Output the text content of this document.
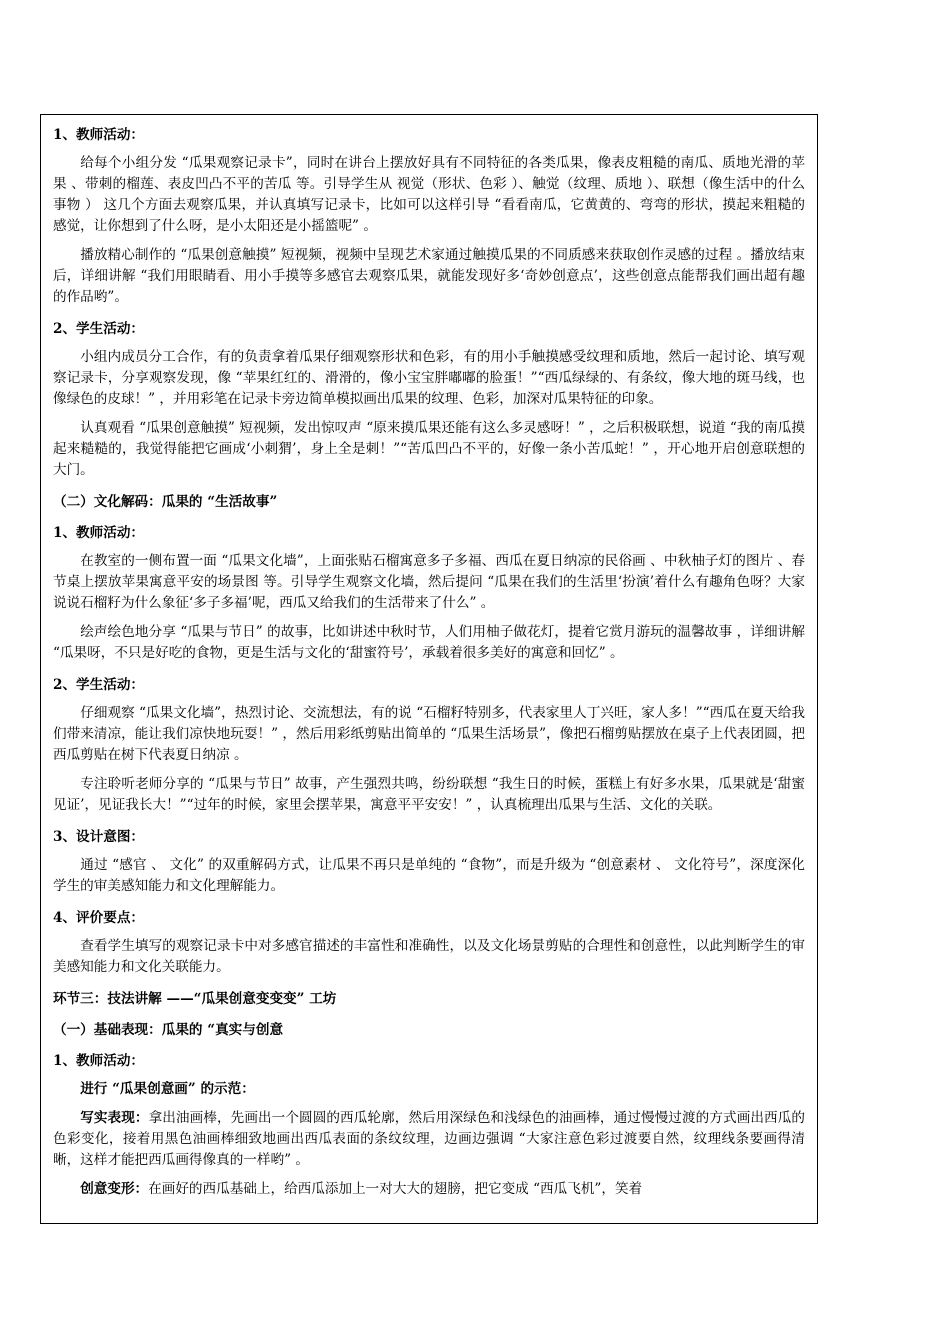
1、教师活动：

给每个小组分发 “瓜果观察记录卡”，同时在讲台上摆放好具有不同特征的各类瓜果，像表皮粗糙的南瓜、质地光滑的苹果 、带刺的榴莲、表皮凹凸不平的苦瓜 等。引导学生从 视觉（形状、色彩 ）、触觉（纹理、质地 ）、联想（像生活中的什么事物 ） 这几个方面去观察瓜果，并认真填写记录卡，比如可以这样引导 “看看南瓜，它黄黄的、弯弯的形状，摸起来粗糙的感觉，让你想到了什么呀，是小太阳还是小摇篮呢” 。

播放精心制作的 “瓜果创意触摸” 短视频，视频中呈现艺术家通过触摸瓜果的不同质感来获取创作灵感的过程 。播放结束后，详细讲解 “我们用眼睛看、用小手摸等多感官去观察瓜果，就能发现好多‘奇妙创意点’，这些创意点能帮我们画出超有趣的作品哟”。

2、学生活动：

小组内成员分工合作，有的负责拿着瓜果仔细观察形状和色彩，有的用小手触摸感受纹理和质地，然后一起讨论、填写观察记录卡，分享观察发现，像 “苹果红红的、滑滑的，像小宝宝胖嘟嘟的脸蛋！”“西瓜绿绿的、有条纹，像大地的斑马线，也像绿色的皮球！” ，并用彩笔在记录卡旁边简单模拟画出瓜果的纹理、色彩，加深对瓜果特征的印象。

认真观看 “瓜果创意触摸” 短视频，发出惊叹声 “原来摸瓜果还能有这么多灵感呀！” ，之后积极联想，说道 “我的南瓜摸起来糙糙的，我觉得能把它画成‘小刺猬’，身上全是刺！”“苦瓜凹凸不平的，好像一条小苦瓜蛇！” ，开心地开启创意联想的大门。

（二）文化解码：瓜果的 “生活故事”

1、教师活动：

在教室的一侧布置一面 “瓜果文化墙”，上面张贴石榴寓意多子多福、西瓜在夏日纳凉的民俗画 、中秋柚子灯的图片 、春节桌上摆放苹果寓意平安的场景图 等。引导学生观察文化墙，然后提问 “瓜果在我们的生活里‘扮演’着什么有趣角色呀？大家说说石榴籽为什么象征‘多子多福’呢，西瓜又给我们的生活带来了什么” 。

绘声绘色地分享 “瓜果与节日” 的故事，比如讲述中秋时节，人们用柚子做花灯，提着它赏月游玩的温馨故事 ，详细讲解 “瓜果呀，不只是好吃的食物，更是生活与文化的‘甜蜜符号’，承载着很多美好的寓意和回忆” 。

2、学生活动：

仔细观察 “瓜果文化墙”，热烈讨论、交流想法，有的说 “石榴籽特别多，代表家里人丁兴旺，家人多！”“西瓜在夏天给我们带来清凉，能让我们凉快地玩耍！” ，然后用彩纸剪贴出简单的 “瓜果生活场景”，像把石榴剪贴摆放在桌子上代表团圆，把西瓜剪贴在树下代表夏日纳凉 。

专注聆听老师分享的 “瓜果与节日” 故事，产生强烈共鸣，纷纷联想 “我生日的时候，蛋糕上有好多水果，瓜果就是‘甜蜜见证’，见证我长大！”“过年的时候，家里会摆苹果，寓意平平安安！” ，认真梳理出瓜果与生活、文化的关联。

3、设计意图：

通过 “感官 、 文化” 的双重解码方式，让瓜果不再只是单纯的 “食物”，而是升级为 “创意素材 、 文化符号”，深度深化学生的审美感知能力和文化理解能力。

4、评价要点：

查看学生填写的观察记录卡中对多感官描述的丰富性和准确性，以及文化场景剪贴的合理性和创意性，以此判断学生的审美感知能力和文化关联能力。

环节三：技法讲解 ——“瓜果创意变变变” 工坊

（一）基础表现：瓜果的 “真实与创意

1、教师活动：

进行 “瓜果创意画” 的示范：

写实表现：拿出油画棒，先画出一个圆圆的西瓜轮廓，然后用深绿色和浅绿色的油画棒，通过慢慢过渡的方式画出西瓜的色彩变化，接着用黑色油画棒细致地画出西瓜表面的条纹纹理，边画边强调 “大家注意色彩过渡要自然，纹理线条要画得清晰，这样才能把西瓜画得像真的一样哟” 。

创意变形：在画好的西瓜基础上，给西瓜添加上一对大大的翅膀，把它变成 “西瓜飞机”，笑着
